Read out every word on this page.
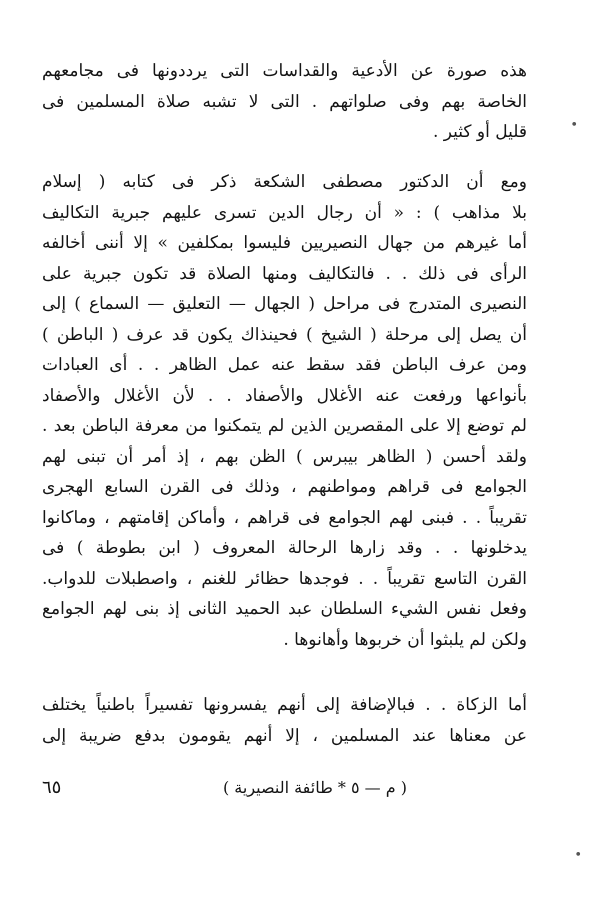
هذه صورة عن الأدعية والقداسات التى يرددونها فى مجامعهم
الخاصة بهم وفى صلواتهم . التى لا تشبه صلاة المسلمين فى
قليل أو كثير .
ومع أن الدكتور مصطفى الشكعة ذكر فى كتابه ( إسلام
بلا مذاهب ) : « أن رجال الدين تسرى عليهم جبرية التكاليف
أما غيرهم من جهال النصيريين فليسوا بمكلفين » إلا أننى أخالفه
الرأى فى ذلك . . فالتكاليف ومنها الصلاة قد تكون جبرية على
النصيرى المتدرج فى مراحل ( الجهال — التعليق — السماع ) إلى
أن يصل إلى مرحلة ( الشيخ ) فحينذاك يكون قد عرف ( الباطن )
ومن عرف الباطن فقد سقط عنه عمل الظاهر . . أى العبادات
بأنواعها ورفعت عنه الأغلال والأصفاد . . لأن الأغلال والأصفاد
لم توضع إلا على المقصرين الذين لم يتمكنوا من معرفة الباطن بعد .
ولقد أحسن ( الظاهر بيبرس ) الظن بهم ، إذ أمر أن تبنى لهم
الجوامع فى قراهم ومواطنهم ، وذلك فى القرن السابع الهجرى
تقريباً . . فبنى لهم الجوامع فى قراهم ، وأماكن إقامتهم ، وماكانوا
يدخلونها . . وقد زارها الرحالة المعروف ( ابن بطوطة ) فى
القرن التاسع تقريباً . . فوجدها حظائر للغنم ، واصطبلات للدواب.
وفعل نفس الشيء السلطان عبد الحميد الثانى إذ بنى لهم الجوامع
ولكن لم يلبثوا أن خربوها وأهانوها .
أما الزكاة . . فبالإضافة إلى أنهم يفسرونها تفسيراً باطنياً يختلف
عن معناها عند المسلمين ، إلا أنهم يقومون بدفع ضريبة إلى
( م — ٥ * طائفة النصيرية )
٦٥
•
•
